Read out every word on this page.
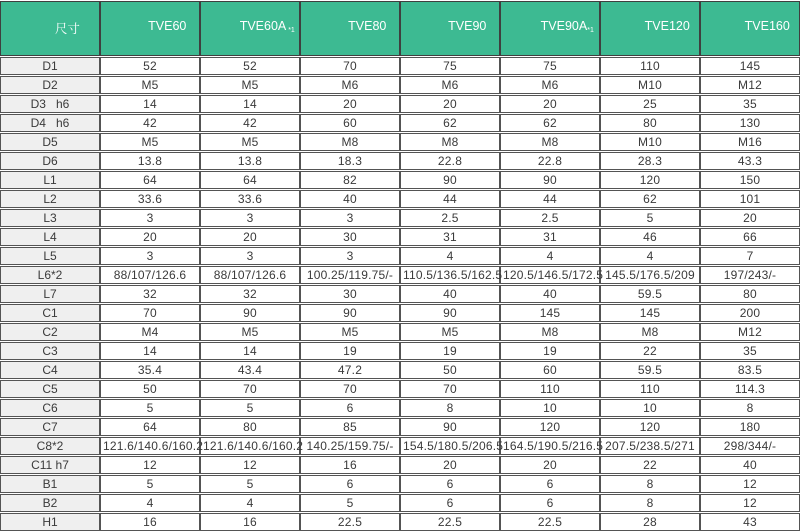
尺寸	TVE60	TVE60A $_{*1}$	TVE80	TVE90	$TVE90A_{*1}$	TVE120	TVE160

D1	52	52	70	75	75	110	145
D2	M5	M5	M6	M6	M6	M10	M12
D3   h6	14	14	20	20	20	25	35
D4   h6	42	42	60	62	62	80	130
D5	M5	M5	M8	M8	M8	M10	M16
D6	13.8	13.8	18.3	22.8	22.8	28.3	43.3
L1	64	64	82	90	90	120	150
L2	33.6	33.6	40	44	44	62	101
L3	3	3	3	2.5	2.5	5	20
L4	20	20	30	31	31	46	66
L5	3	3	3	4	4	4	7
L6*2	88/107/126.6	88/107/126.6	100.25/119.75/-	110.5/136.5/162.5	120.5/146.5/172.5	145.5/176.5/209	197/243/-
L7	32	32	30	40	40	59.5	80
C1	70	90	90	90	145	145	200
C2	M4	M5	M5	M5	M8	M8	M12
C3	14	14	19	19	19	22	35
C4	35.4	43.4	47.2	50	60	59.5	83.5
C5	50	70	70	70	110	110	114.3
C6	5	5	6	8	10	10	8
C7	64	80	85	90	120	120	180
C8*2	121.6/140.6/160.2	121.6/140.6/160.2	140.25/159.75/-	154.5/180.5/206.5	164.5/190.5/216.5	207.5/238.5/271	298/344/-
C11 h7	12	12	16	20	20	22	40
B1	5	5	6	6	6	8	12
B2	4	4	5	6	6	8	12
H1	16	16	22.5	22.5	22.5	28	43
